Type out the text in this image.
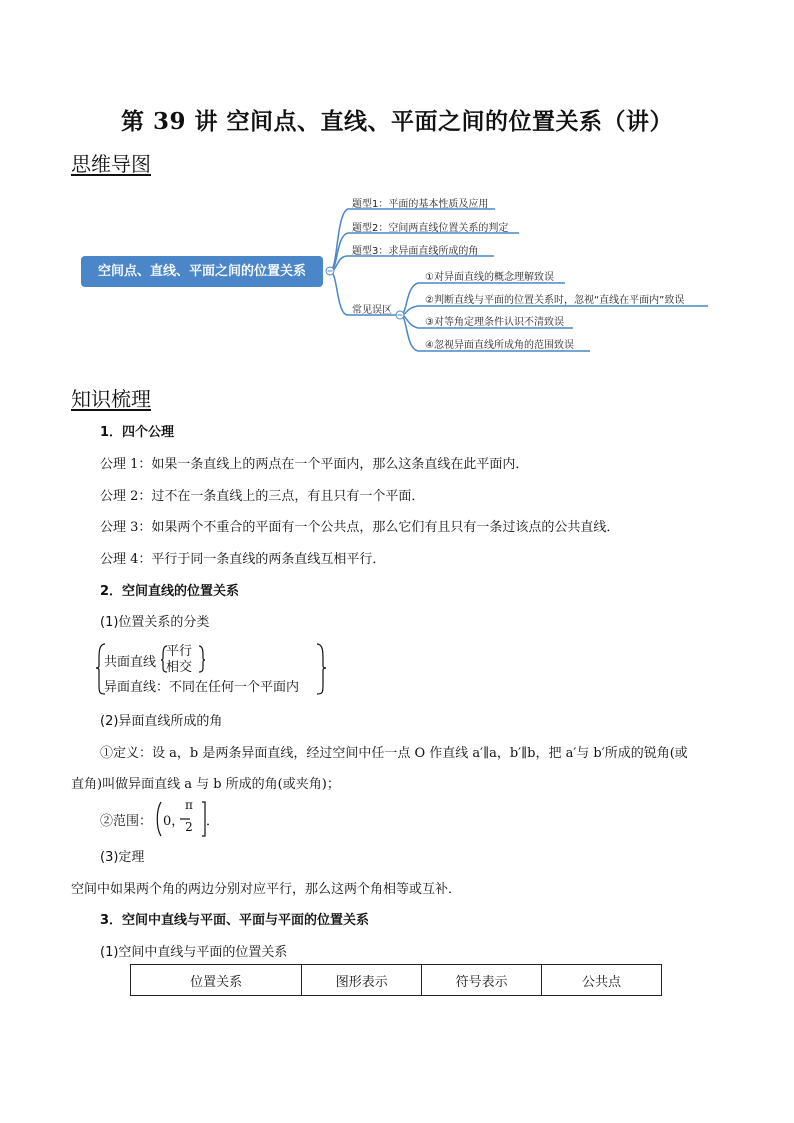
第 39 讲 空间点、直线、平面之间的位置关系（讲）
思维导图
空间点、直线、平面之间的位置关系
题型1：平面的基本性质及应用
题型2：空间两直线位置关系的判定
题型3：求异面直线所成的角
常见误区
①对异面直线的概念理解致误
②判断直线与平面的位置关系时，忽视“直线在平面内”致误
③对等角定理条件认识不清致误
④忽视异面直线所成角的范围致误
知识梳理
1．四个公理
公理 1：如果一条直线上的两点在一个平面内，那么这条直线在此平面内．
公理 2：过不在一条直线上的三点，有且只有一个平面．
公理 3：如果两个不重合的平面有一个公共点，那么它们有且只有一条过该点的公共直线．
公理 4：平行于同一条直线的两条直线互相平行．
2．空间直线的位置关系
(1)位置关系的分类
共面直线
平行
相交
异面直线：不同在任何一个平面内
(2)异面直线所成的角
①定义：设 a，b 是两条异面直线，经过空间中任一点 O 作直线 a′∥a，b′∥b，把 a′与 b′所成的锐角(或
直角)叫做异面直线 a 与 b 所成的角(或夹角)；
②范围： 0，
π
2 ．
(3)定理
空间中如果两个角的两边分别对应平行，那么这两个角相等或互补．
3．空间中直线与平面、平面与平面的位置关系
(1)空间中直线与平面的位置关系
位置关系	图形表示	符号表示	公共点
